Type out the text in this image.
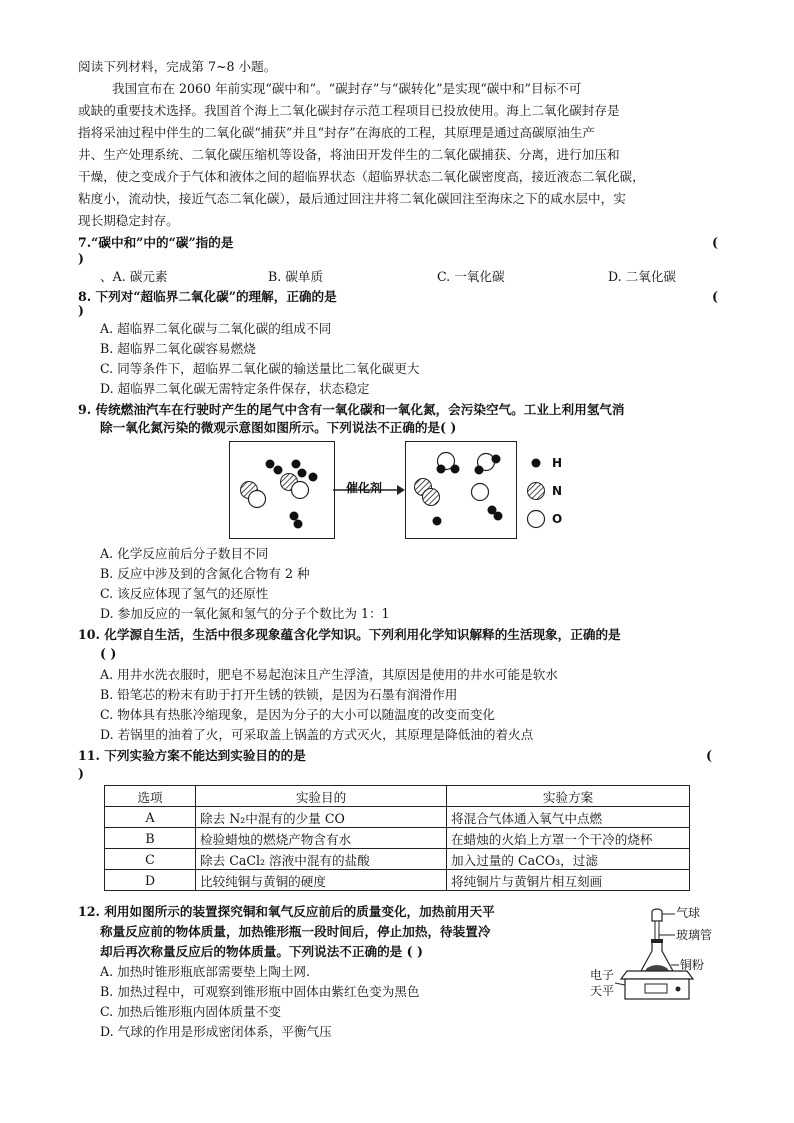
阅读下列材料，完成第 7~8 小题。
我国宣布在 2060 年前实现“碳中和”。“碳封存”与“碳转化”是实现“碳中和”目标不可
或缺的重要技术选择。我国首个海上二氧化碳封存示范工程项目已投放使用。海上二氧化碳封存是
指将采油过程中伴生的二氧化碳“捕获”并且“封存”在海底的工程，其原理是通过高碳原油生产
井、生产处理系统、二氧化碳压缩机等设备，将油田开发伴生的二氧化碳捕获、分离，进行加压和
干燥，使之变成介于气体和液体之间的超临界状态（超临界状态二氧化碳密度高，接近液态二氧化碳，
粘度小，流动快，接近气态二氧化碳），最后通过回注井将二氧化碳回注至海床之下的咸水层中，实
现长期稳定封存。
7.“碳中和”中的“碳”指的是	(
)
、A. 碳元素	B. 碳单质	C. 一氧化碳	D. 二氧化碳
8. 下列对“超临界二氧化碳”的理解，正确的是	(
)
A. 超临界二氧化碳与二氧化碳的组成不同
B. 超临界二氧化碳容易燃烧
C. 同等条件下，超临界二氧化碳的输送量比二氧化碳更大
D. 超临界二氧化碳无需特定条件保存，状态稳定
9. 传统燃油汽车在行驶时产生的尾气中含有一氧化碳和一氧化氮，会污染空气。工业上利用氢气消
除一氧化氮污染的微观示意图如图所示。下列说法不正确的是( )
催化剂
H
N
O
A. 化学反应前后分子数目不同
B. 反应中涉及到的含氮化合物有 2 种
C. 该反应体现了氢气的还原性
D. 参加反应的一氧化氮和氢气的分子个数比为 1：1
10. 化学源自生活，生活中很多现象蕴含化学知识。下列利用化学知识解释的生活现象，正确的是
( )
A. 用井水洗衣服时，肥皂不易起泡沫且产生浮渣，其原因是使用的井水可能是软水
B. 铅笔芯的粉末有助于打开生锈的铁锁，是因为石墨有润滑作用
C. 物体具有热胀冷缩现象，是因为分子的大小可以随温度的改变而变化
D. 若锅里的油着了火，可采取盖上锅盖的方式灭火，其原理是降低油的着火点
11. 下列实验方案不能达到实验目的的是	(
)
选项	实验目的	实验方案
A	除去 N₂中混有的少量 CO	将混合气体通入氧气中点燃
B	检验蜡烛的燃烧产物含有水	在蜡烛的火焰上方罩一个干冷的烧杯
C	除去 CaCl₂ 溶液中混有的盐酸	加入过量的 CaCO₃，过滤
D	比较纯铜与黄铜的硬度	将纯铜片与黄铜片相互刻画
12. 利用如图所示的装置探究铜和氧气反应前后的质量变化，加热前用天平
称量反应前的物体质量，加热锥形瓶一段时间后，停止加热，待装置冷
却后再次称量反应后的物体质量。下列说法不正确的是 ( )
A. 加热时锥形瓶底部需要垫上陶土网.
B. 加热过程中，可观察到锥形瓶中固体由紫红色变为黑色
C. 加热后锥形瓶内固体质量不变
D. 气球的作用是形成密闭体系，平衡气压
气球
玻璃管
铜粉
电子
天平
